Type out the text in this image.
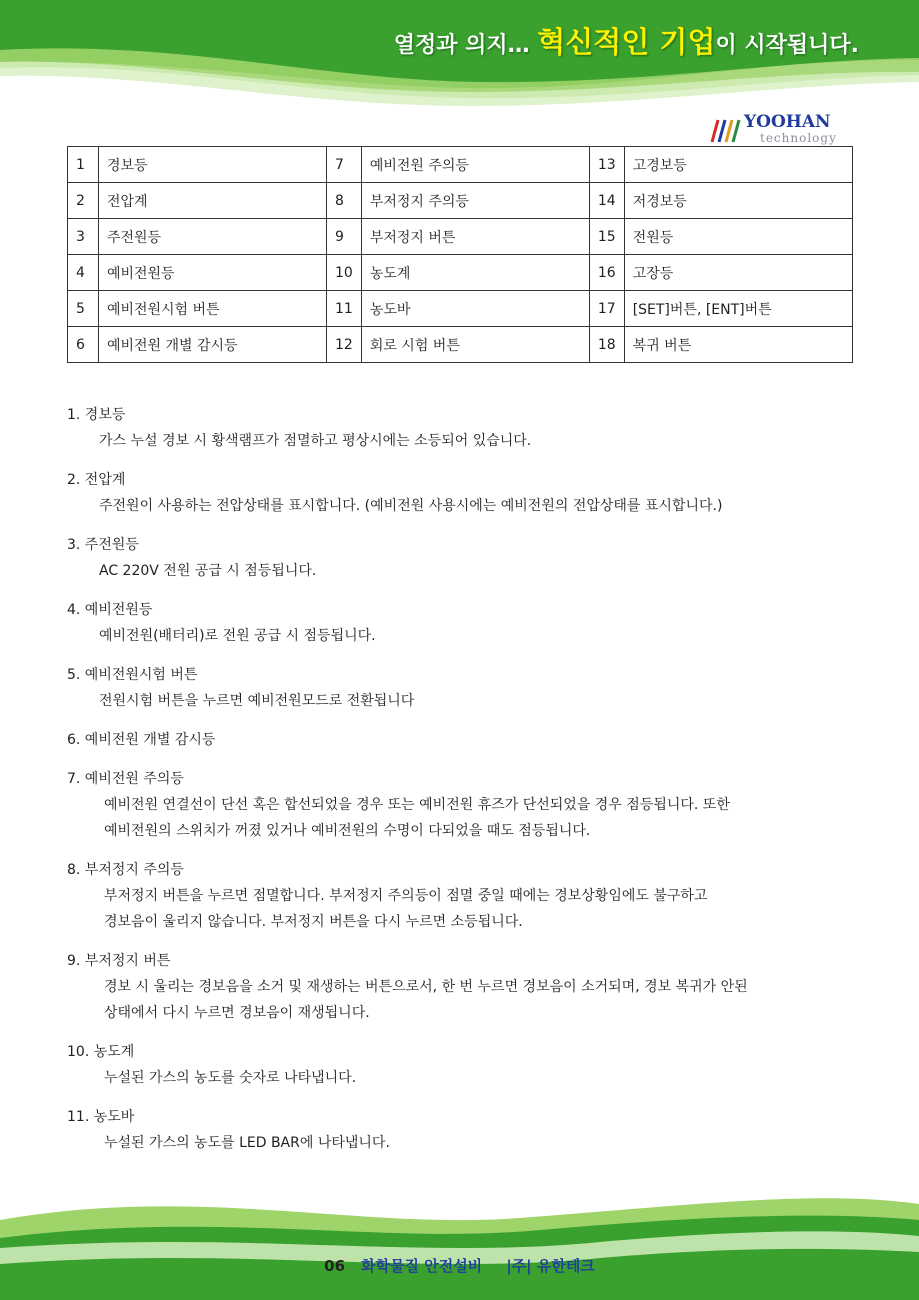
열정과 의지… 혁신적인 기업이 시작됩니다.
YOOHAN
technology
1	경보등	7	예비전원 주의등	13	고경보등
2	전압계	8	부저정지 주의등	14	저경보등
3	주전원등	9	부저정지 버튼	15	전원등
4	예비전원등	10	농도계	16	고장등
5	예비전원시험 버튼	11	농도바	17	[SET]버튼, [ENT]버튼
6	예비전원 개별 감시등	12	회로 시험 버튼	18	복귀 버튼
1. 경보등
가스 누설 경보 시 황색램프가 점멸하고 평상시에는 소등되어 있습니다.
2. 전압계
주전원이 사용하는 전압상태를 표시합니다. (예비전원 사용시에는 예비전원의 전압상태를 표시합니다.)
3. 주전원등
AC 220V 전원 공급 시 점등됩니다.
4. 예비전원등
예비전원(배터리)로 전원 공급 시 점등됩니다.
5. 예비전원시험 버튼
전원시험 버튼을 누르면 예비전원모드로 전환됩니다
6. 예비전원 개별 감시등
7. 예비전원 주의등
예비전원 연결선이 단선 혹은 합선되었을 경우 또는 예비전원 휴즈가 단선되었을 경우 점등됩니다. 또한
예비전원의 스위치가 꺼졌 있거나 예비전원의 수명이 다되었을 때도 점등됩니다.
8. 부저정지 주의등
부저정지 버튼을 누르면 점멸합니다. 부저정지 주의등이 점멸 중일 때에는 경보상황임에도 불구하고
경보음이 울리지 않습니다. 부저정지 버튼을 다시 누르면 소등됩니다.
9. 부저정지 버튼
경보 시 울리는 경보음을 소거 및 재생하는 버튼으로서, 한 번 누르면 경보음이 소거되며, 경보 복귀가 안된
상태에서 다시 누르면 경보음이 재생됩니다.
10. 농도계
누설된 가스의 농도를 숫자로 나타냅니다.
11. 농도바
누설된 가스의 농도를 LED BAR에 나타냅니다.
06 화학물질 안전설비 |주| 유한테크
